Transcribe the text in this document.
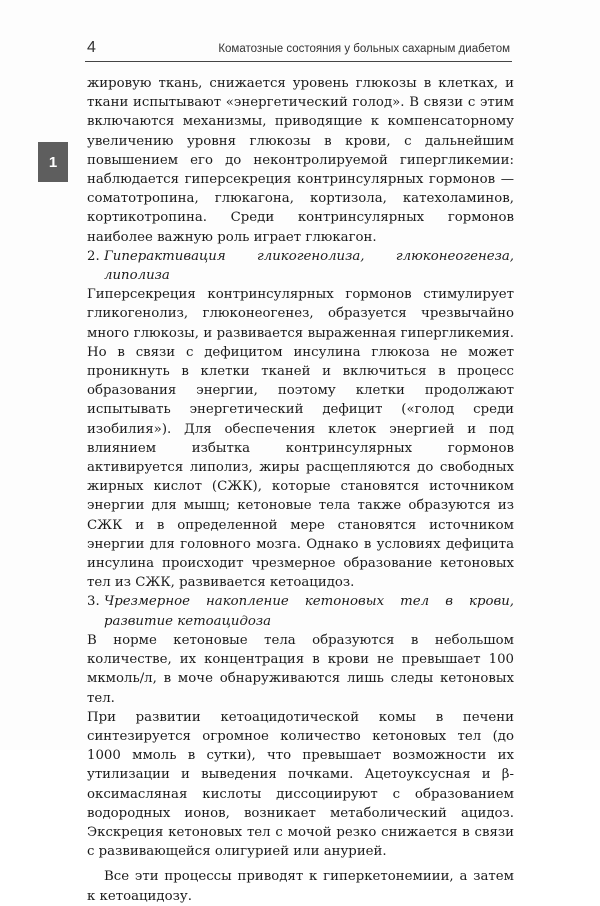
4	Коматозные состояния у больных сахарным диабетом
1

жировую ткань, снижается уровень глюкозы в клетках, и ткани испытывают «энергетический голод». В связи с этим включаются механизмы, приводящие к компенсаторному увеличению уровня глюкозы в крови, с дальнейшим повышением его до неконтролируемой гипергликемии: наблюдается гиперсекреция контринсулярных гормонов — соматотропина, глюкагона, кортизола, катехоламинов, кортикотропина. Среди контринсулярных гормонов наиболее важную роль играет глюкагон.

2. Гиперактивация гликогенолиза, глюконеогенеза, липолиза

Гиперсекреция контринсулярных гормонов стимулирует гликогенолиз, глюконеогенез, образуется чрезвычайно много глюкозы, и развивается выраженная гипергликемия. Но в связи с дефицитом инсулина глюкоза не может проникнуть в клетки тканей и включиться в процесс образования энергии, поэтому клетки продолжают испытывать энергетический дефицит («голод среди изобилия»). Для обеспечения клеток энергией и под влиянием избытка контринсулярных гормонов активируется липолиз, жиры расщепляются до свободных жирных кислот (СЖК), которые становятся источником энергии для мышц; кетоновые тела также образуются из СЖК и в определенной мере становятся источником энергии для головного мозга. Однако в условиях дефицита инсулина происходит чрезмерное образование кетоновых тел из СЖК, развивается кетоацидоз.

3. Чрезмерное накопление кетоновых тел в крови, развитие кетоацидоза

В норме кетоновые тела образуются в небольшом количестве, их концентрация в крови не превышает 100 мкмоль/л, в моче обнаруживаются лишь следы кетоновых тел.

При развитии кетоацидотической комы в печени синтезируется огромное количество кетоновых тел (до 1000 ммоль в сутки), что превышает возможности их утилизации и выведения почками. Ацетоуксусная и β-оксимасляная кислоты диссоциируют с образованием водородных ионов, возникает метаболический ацидоз. Экскреция кетоновых тел с мочой резко снижается в связи с развивающейся олигурией или анурией.

Все эти процессы приводят к гиперкетонемиии, а затем к кетоацидозу.
